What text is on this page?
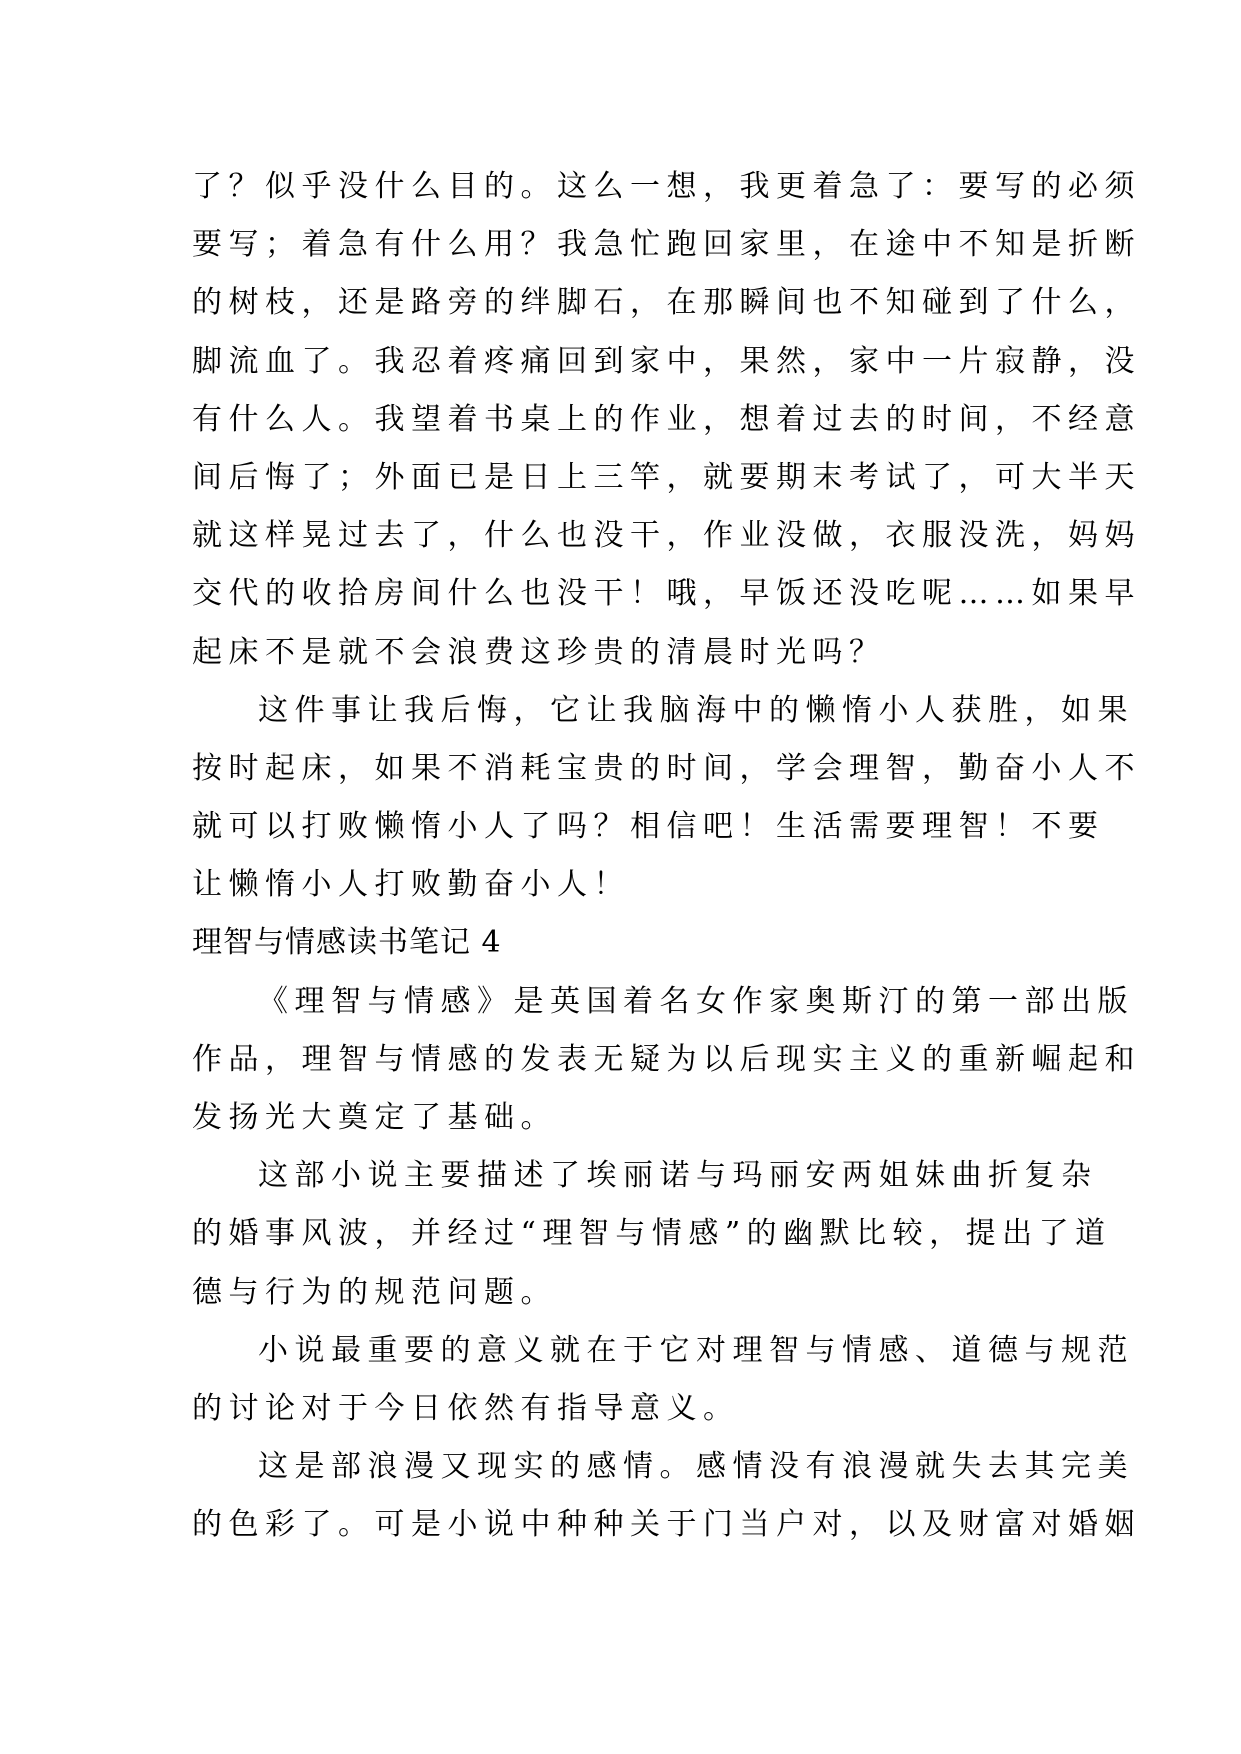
了？似乎没什么目的。这么一想，我更着急了：要写的必须
要写；着急有什么用？我急忙跑回家里，在途中不知是折断
的树枝，还是路旁的绊脚石，在那瞬间也不知碰到了什么，
脚流血了。我忍着疼痛回到家中，果然，家中一片寂静，没
有什么人。我望着书桌上的作业，想着过去的时间，不经意
间后悔了；外面已是日上三竿，就要期末考试了，可大半天
就这样晃过去了，什么也没干，作业没做，衣服没洗，妈妈
交代的收拾房间什么也没干！哦，早饭还没吃呢……如果早
起床不是就不会浪费这珍贵的清晨时光吗？
这件事让我后悔，它让我脑海中的懒惰小人获胜，如果
按时起床，如果不消耗宝贵的时间，学会理智，勤奋小人不
就可以打败懒惰小人了吗？相信吧！生活需要理智！不要
让懒惰小人打败勤奋小人！
理智与情感读书笔记 4
《理智与情感》是英国着名女作家奥斯汀的第一部出版
作品，理智与情感的发表无疑为以后现实主义的重新崛起和
发扬光大奠定了基础。
这部小说主要描述了埃丽诺与玛丽安两姐妹曲折复杂
的婚事风波，并经过“理智与情感”的幽默比较，提出了道
德与行为的规范问题。
小说最重要的意义就在于它对理智与情感、道德与规范
的讨论对于今日依然有指导意义。
这是部浪漫又现实的感情。感情没有浪漫就失去其完美
的色彩了。可是小说中种种关于门当户对，以及财富对婚姻
